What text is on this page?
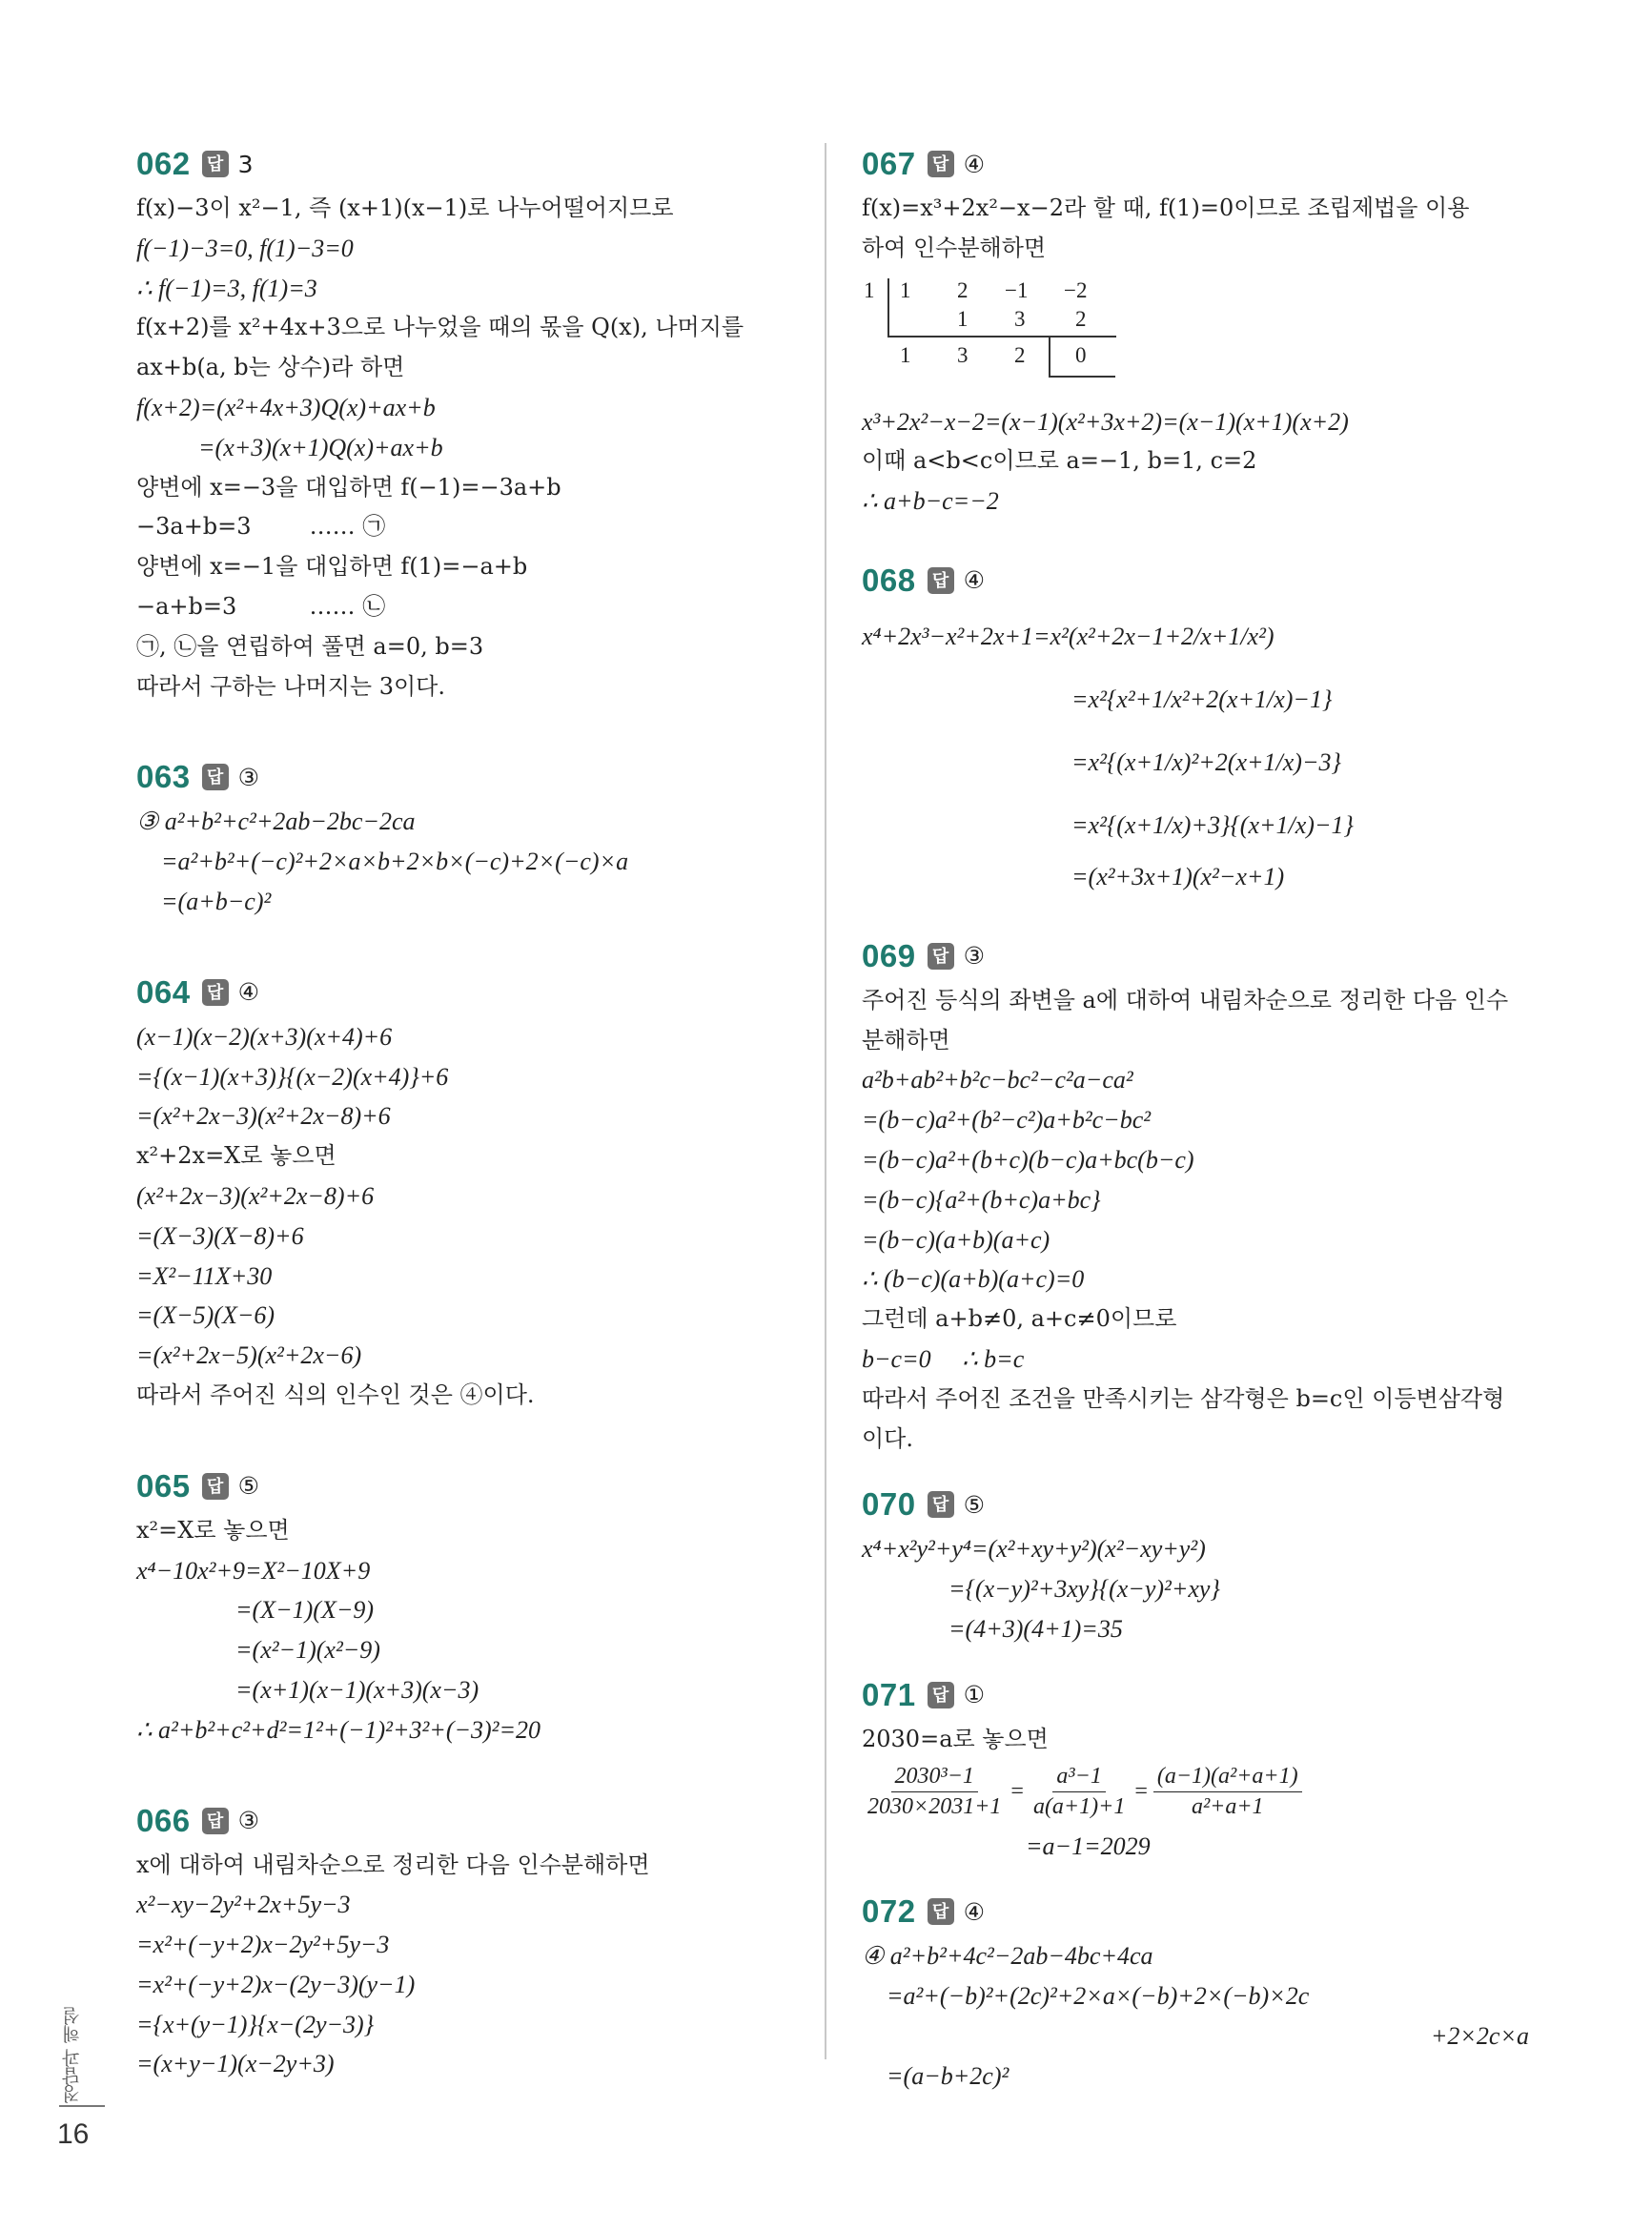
062 답 3
f(x)−3이 x²−1, 즉 (x+1)(x−1)로 나누어떨어지므로
f(−1)−3=0, f(1)−3=0
∴ f(−1)=3, f(1)=3
f(x+2)를 x²+4x+3으로 나누었을 때의 몫을 Q(x), 나머지를
ax+b(a, b는 상수)라 하면
f(x+2)=(x²+4x+3)Q(x)+ax+b
=(x+3)(x+1)Q(x)+ax+b
양변에 x=−3을 대입하면 f(−1)=−3a+b
−3a+b=3        …… ㉠
양변에 x=−1을 대입하면 f(1)=−a+b
−a+b=3          …… ㉡
㉠, ㉡을 연립하여 풀면 a=0, b=3
따라서 구하는 나머지는 3이다.
063 답 ③
③ a²+b²+c²+2ab−2bc−2ca
=a²+b²+(−c)²+2×a×b+2×b×(−c)+2×(−c)×a
=(a+b−c)²
064 답 ④
(x−1)(x−2)(x+3)(x+4)+6
={(x−1)(x+3)}{(x−2)(x+4)}+6
=(x²+2x−3)(x²+2x−8)+6
x²+2x=X로 놓으면
(x²+2x−3)(x²+2x−8)+6
=(X−3)(X−8)+6
=X²−11X+30
=(X−5)(X−6)
=(x²+2x−5)(x²+2x−6)
따라서 주어진 식의 인수인 것은 ④이다.
065 답 ⑤
x²=X로 놓으면
x⁴−10x²+9=X²−10X+9
=(X−1)(X−9)
=(x²−1)(x²−9)
=(x+1)(x−1)(x+3)(x−3)
∴ a²+b²+c²+d²=1²+(−1)²+3²+(−3)²=20
066 답 ③
x에 대하여 내림차순으로 정리한 다음 인수분해하면
x²−xy−2y²+2x+5y−3
=x²+(−y+2)x−2y²+5y−3
=x²+(−y+2)x−(2y−3)(y−1)
={x+(y−1)}{x−(2y−3)}
=(x+y−1)(x−2y+3)
067 답 ④
f(x)=x³+2x²−x−2라 할 때, f(1)=0이므로 조립제법을 이용
하여 인수분해하면
1 1 2 −1 −2
1 3 2
1 3 2 0
x³+2x²−x−2=(x−1)(x²+3x+2)=(x−1)(x+1)(x+2)
이때 a<b<c이므로 a=−1, b=1, c=2
∴ a+b−c=−2
068 답 ④
x⁴+2x³−x²+2x+1=x²(x²+2x−1+2/x+1/x²)
=x²{x²+1/x²+2(x+1/x)−1}
=x²{(x+1/x)²+2(x+1/x)−3}
=x²{(x+1/x)+3}{(x+1/x)−1}
=(x²+3x+1)(x²−x+1)
069 답 ③
주어진 등식의 좌변을 a에 대하여 내림차순으로 정리한 다음 인수
분해하면
a²b+ab²+b²c−bc²−c²a−ca²
=(b−c)a²+(b²−c²)a+b²c−bc²
=(b−c)a²+(b+c)(b−c)a+bc(b−c)
=(b−c){a²+(b+c)a+bc}
=(b−c)(a+b)(a+c)
∴ (b−c)(a+b)(a+c)=0
그런데 a+b≠0, a+c≠0이므로
b−c=0     ∴ b=c
따라서 주어진 조건을 만족시키는 삼각형은 b=c인 이등변삼각형
이다.
070 답 ⑤
x⁴+x²y²+y⁴=(x²+xy+y²)(x²−xy+y²)
={(x−y)²+3xy}{(x−y)²+xy}
=(4+3)(4+1)=35
071 답 ①
2030=a로 놓으면
$\frac{\text{2030³−1}}{2030\times 2031+1} = \frac{\text{a³−1}}{a(a+1)+1} = \frac{\text{(a−1)(a²+a+1)}}{\text{a²+a+1}}$
=a−1=2029
072 답 ④
④ a²+b²+4c²−2ab−4bc+4ca
=a²+(−b)²+(2c)²+2×a×(−b)+2×(−b)×2c
+2×2c×a
=(a−b+2c)²
정답과 해설
16
